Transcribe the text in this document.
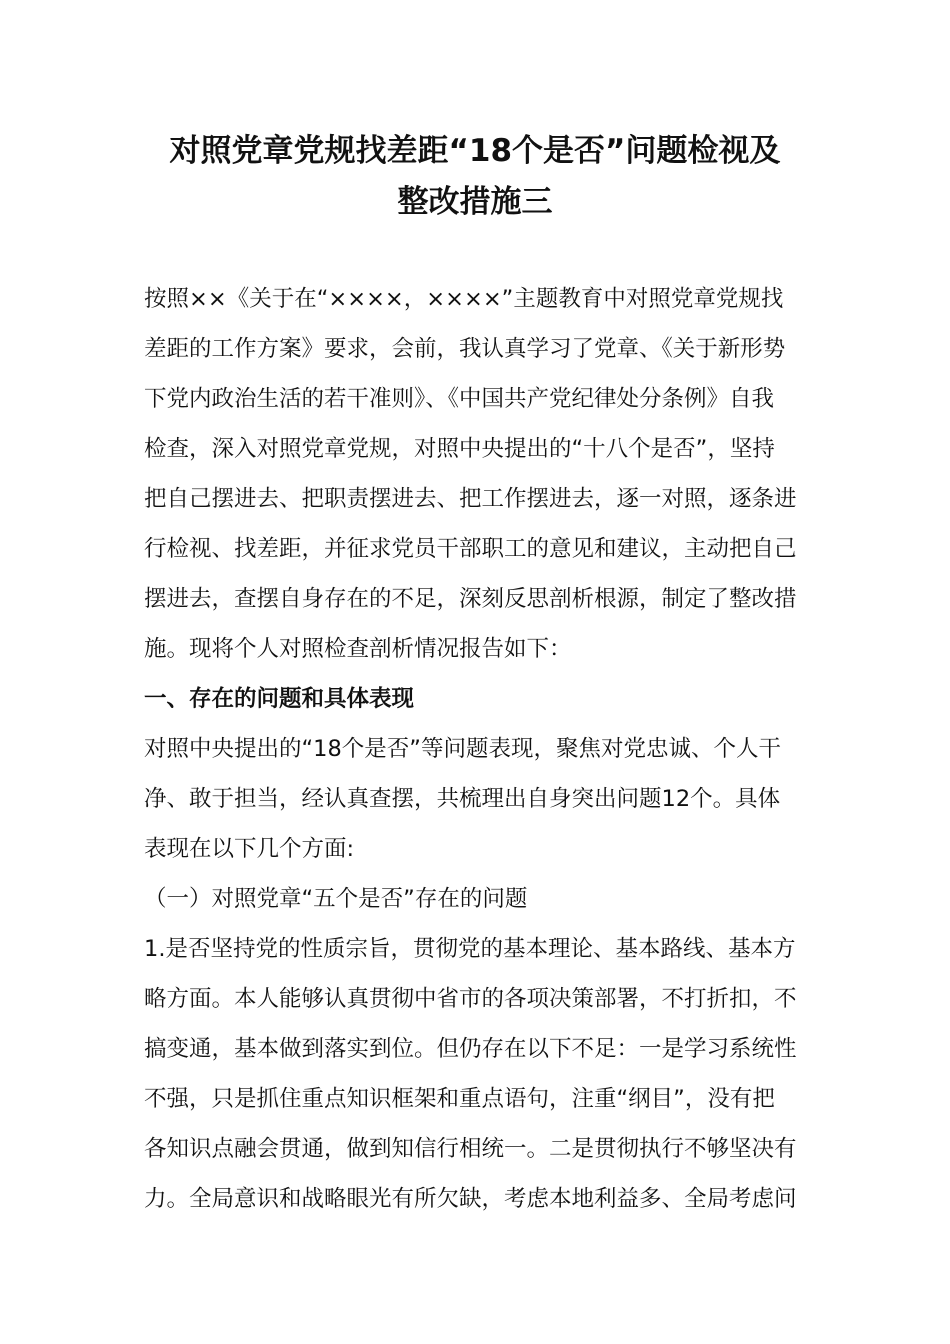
对照党章党规找差距“18个是否”问题检视及
整改措施三

按照××《关于在“××××，××××”主题教育中对照党章党规找

差距的工作方案》要求，会前，我认真学习了党章、《关于新形势

下党内政治生活的若干准则》、《中国共产党纪律处分条例》自我

检查，深入对照党章党规，对照中央提出的“十八个是否”，坚持

把自己摆进去、把职责摆进去、把工作摆进去，逐一对照，逐条进

行检视、找差距，并征求党员干部职工的意见和建议，主动把自己

摆进去，查摆自身存在的不足，深刻反思剖析根源，制定了整改措

施。现将个人对照检查剖析情况报告如下：

一、存在的问题和具体表现

对照中央提出的“18个是否”等问题表现，聚焦对党忠诚、个人干

净、敢于担当，经认真查摆，共梳理出自身突出问题12个。具体

表现在以下几个方面:

（一）对照党章“五个是否”存在的问题

1.是否坚持党的性质宗旨，贯彻党的基本理论、基本路线、基本方

略方面。本人能够认真贯彻中省市的各项决策部署，不打折扣，不

搞变通，基本做到落实到位。但仍存在以下不足：一是学习系统性

不强，只是抓住重点知识框架和重点语句，注重“纲目”，没有把

各知识点融会贯通，做到知信行相统一。二是贯彻执行不够坚决有

力。全局意识和战略眼光有所欠缺，考虑本地利益多、全局考虑问
